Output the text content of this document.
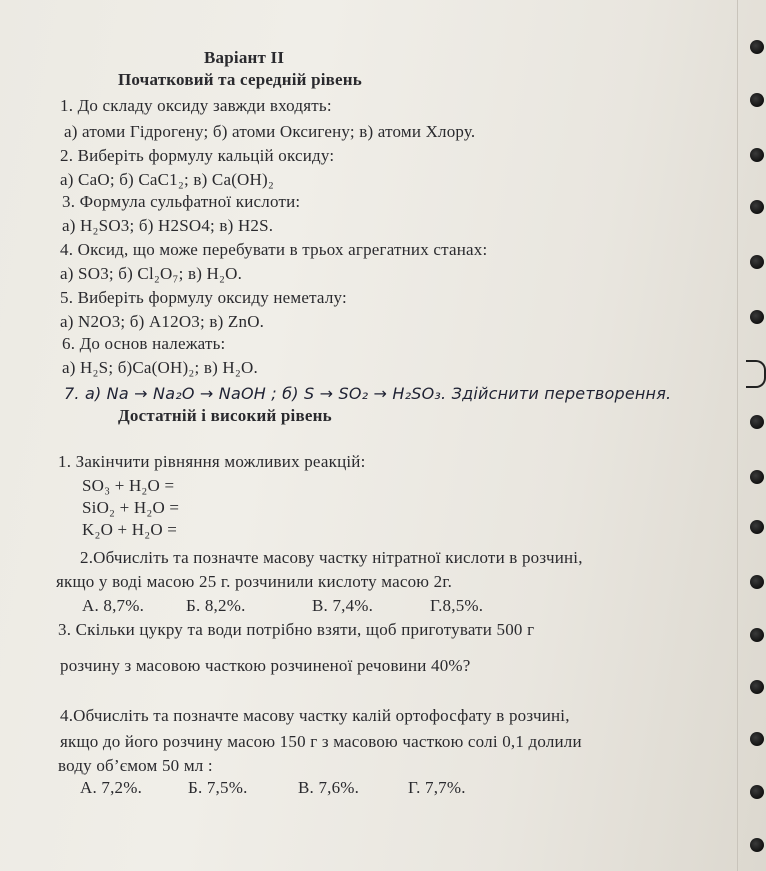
Варіант ІІ
Початковий та середній рівень
1. До складу оксиду завжди входять:
а) атоми Гідрогену; б) атоми Оксигену; в) атоми Хлору.
2. Виберіть формулу кальцій оксиду:
а) CaO; б) CaC1₂; в) Ca(OH)₂
3. Формула сульфатної кислоти:
а) H₂SO3; б) H2SO4; в) H2S.
4. Оксид, що може перебувати в трьох агрегатних станах:
а) SO3; б) Cl₂O₇; в) H₂O.
5. Виберіть формулу оксиду неметалу:
а) N2O3; б) A12O3; в) ZnO.
6. До основ належать:
а) H₂S; б)Ca(OH)₂; в) H₂O.
7. а) Na → Na₂O → NaOH ; б) S → SO₂ → H₂SO₃. Здійснити перетворення.
Достатній і високий рівень
1. Закінчити рівняння можливих реакцій:
SO₃ + H₂O =
SiO₂ + H₂O =
K₂O + H₂O =
2.Обчисліть та позначте масову частку нітратної кислоти в розчині,
якщо у воді масою 25 г. розчинили кислоту масою 2г.
А. 8,7%. Б. 8,2%.	В. 7,4%.	Г.8,5%.
3. Скільки цукру та води потрібно взяти, щоб приготувати 500 г
розчину з масовою часткою розчиненої речовини 40%?
4.Обчисліть та позначте масову частку калій ортофосфату в розчині,
якщо до його розчину масою 150 г з масовою часткою солі 0,1 долили
воду об’ємом 50 мл :
А. 7,2%.	Б. 7,5%.	В. 7,6%.	Г. 7,7%.
